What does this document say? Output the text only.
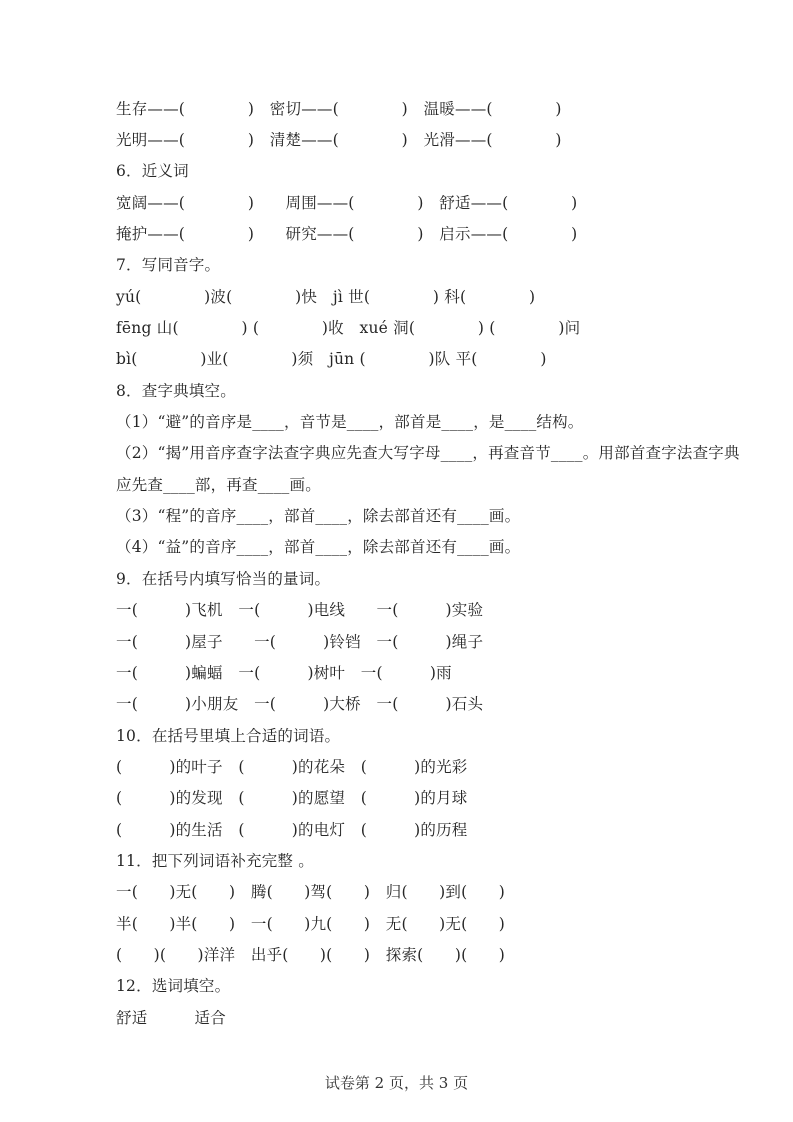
生存——(　　　　)　密切——(　　　　)　温暖——(　　　　)
光明——(　　　　)　清楚——(　　　　)　光滑——(　　　　)
6．近义词
宽阔——(　　　　)　　周围——(　　　　)　舒适——(　　　　)
掩护——(　　　　)　　研究——(　　　　)　启示——(　　　　)
7．写同音字。
yú(　　　　)波(　　　　)快　jì 世(　　　　) 科(　　　　)
fēng 山(　　　　) (　　　　)收　xué 洞(　　　　) (　　　　)问
bì(　　　　)业(　　　　)须　jūn (　　　　)队 平(　　　　)
8．查字典填空。
（1）“避”的音序是____，音节是____，部首是____，是____结构。
（2）“揭”用音序查字法查字典应先查大写字母____，再查音节____。用部首查字法查字典
应先查____部，再查____画。
（3）“程”的音序____，部首____，除去部首还有____画。
（4）“益”的音序____，部首____，除去部首还有____画。
9．在括号内填写恰当的量词。
一(　　　)飞机　一(　　　)电线　　一(　　　)实验
一(　　　)屋子　　一(　　　)铃铛　一(　　　)绳子
一(　　　)蝙蝠　一(　　　)树叶　一(　　　)雨
一(　　　)小朋友　一(　　　)大桥　一(　　　)石头
10．在括号里填上合适的词语。
(　　　)的叶子　(　　　)的花朵　(　　　)的光彩
(　　　)的发现　(　　　)的愿望　(　　　)的月球
(　　　)的生活　(　　　)的电灯　(　　　)的历程
11．把下列词语补充完整 。
一(　　)无(　　)　腾(　　)驾(　　)　归(　　)到(　　)
半(　　)半(　　)　一(　　)九(　　)　无(　　)无(　　)
(　　)(　　)洋洋　出乎(　　)(　　)　探索(　　)(　　)
12．选词填空。
舒适　　　适合
试卷第 2 页，共 3 页
